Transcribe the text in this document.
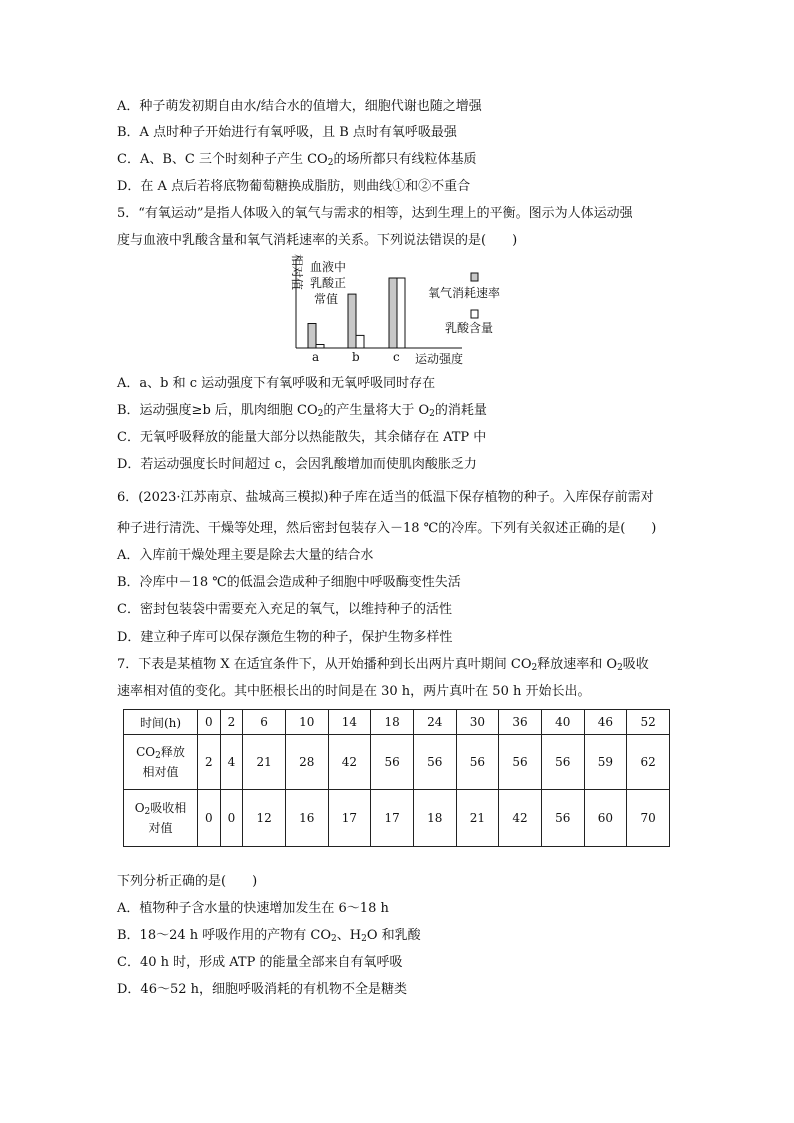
A．种子萌发初期自由水/结合水的值增大，细胞代谢也随之增强
B．A 点时种子开始进行有氧呼吸，且 B 点时有氧呼吸最强
C．A、B、C 三个时刻种子产生 $CO_2$的场所都只有线粒体基质
D．在 A 点后若将底物葡萄糖换成脂肪，则曲线①和②不重合
5．“有氧运动”是指人体吸入的氧气与需求的相等，达到生理上的平衡。图示为人体运动强
度与血液中乳酸含量和氧气消耗速率的关系。下列说法错误的是(　　)
相对值
运动强度
血液中
乳酸正
常值
a	b	c
氧气消耗速率
乳酸含量
A．a、b 和 c 运动强度下有氧呼吸和无氧呼吸同时存在
B．运动强度≥b 后，肌肉细胞 $CO_2$的产生量将大于 $O_2$的消耗量
C．无氧呼吸释放的能量大部分以热能散失，其余储存在 ATP 中
D．若运动强度长时间超过 c，会因乳酸增加而使肌肉酸胀乏力
6．(2023·江苏南京、盐城高三模拟)种子库在适当的低温下保存植物的种子。入库保存前需对
种子进行清洗、干燥等处理，然后密封包装存入－18 ℃的冷库。下列有关叙述正确的是(　　)
A．入库前干燥处理主要是除去大量的结合水
B．冷库中－18 ℃的低温会造成种子细胞中呼吸酶变性失活
C．密封包装袋中需要充入充足的氧气，以维持种子的活性
D．建立种子库可以保存濒危生物的种子，保护生物多样性
7．下表是某植物 X 在适宜条件下，从开始播种到长出两片真叶期间 $CO_2$释放速率和 $O_2$吸收
速率相对值的变化。其中胚根长出的时间是在 30 h，两片真叶在 50 h 开始长出。
时间(h)	0	2	6	10	14	18	24	30	36	40	46	52
$CO_2$释放
相对值	2	4	21	28	42	56	56	56	56	56	59	62
$O_2$吸收相
对值	0	0	12	16	17	17	18	21	42	56	60	70
下列分析正确的是(　　)
A．植物种子含水量的快速增加发生在 6～18 h
B．18～24 h 呼吸作用的产物有 $CO_2$、$H_2O$ 和乳酸
C．40 h 时，形成 ATP 的能量全部来自有氧呼吸
D．46～52 h，细胞呼吸消耗的有机物不全是糖类
